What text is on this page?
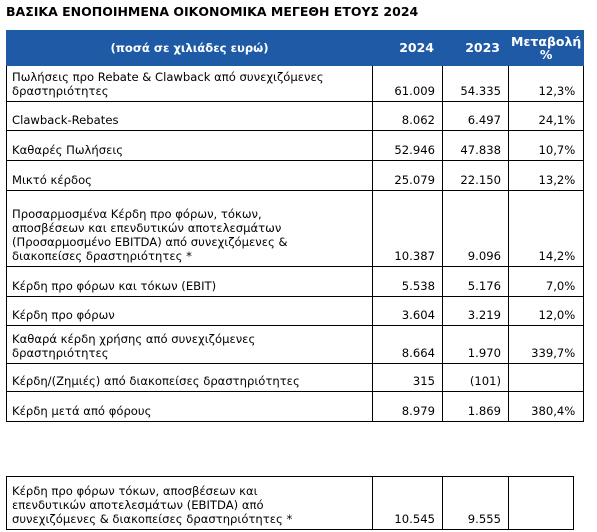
ΒΑΣΙΚΑ ΕΝΟΠΟΙΗΜΕΝΑ ΟΙΚΟΝΟΜΙΚΑ ΜΕΓΕΘΗ ΕΤΟΥΣ 2024
(ποσά σε χιλιάδες ευρώ)	2024	2023	Μεταβολή
%
Πωλήσεις προ Rebate & Clawback από συνεχιζόμενες
δραστηριότητες	61.009	54.335	12,3%
Clawback-Rebates	8.062	6.497	24,1%
Καθαρές Πωλήσεις	52.946	47.838	10,7%
Μικτό κέρδος	25.079	22.150	13,2%
Προσαρμοσμένα Κέρδη προ φόρων, τόκων,
αποσβέσεων και επενδυτικών αποτελεσμάτων
(Προσαρμοσμένο EBITDA) από συνεχιζόμενες &
διακοπείσες δραστηριότητες *	10.387	9.096	14,2%
Κέρδη προ φόρων και τόκων (EBIT)	5.538	5.176	7,0%
Κέρδη προ φόρων	3.604	3.219	12,0%
Καθαρά κέρδη χρήσης από συνεχιζόμενες
δραστηριότητες	8.664	1.970	339,7%
Κέρδη/(Ζημιές) από διακοπείσες δραστηριότητες	315	(101)	
Κέρδη μετά από φόρους	8.979	1.869	380,4%
Κέρδη προ φόρων τόκων, αποσβέσεων και
επενδυτικών αποτελεσμάτων (EBITDA) από
συνεχιζόμενες & διακοπείσες δραστηριότητες *	10.545	9.555	
